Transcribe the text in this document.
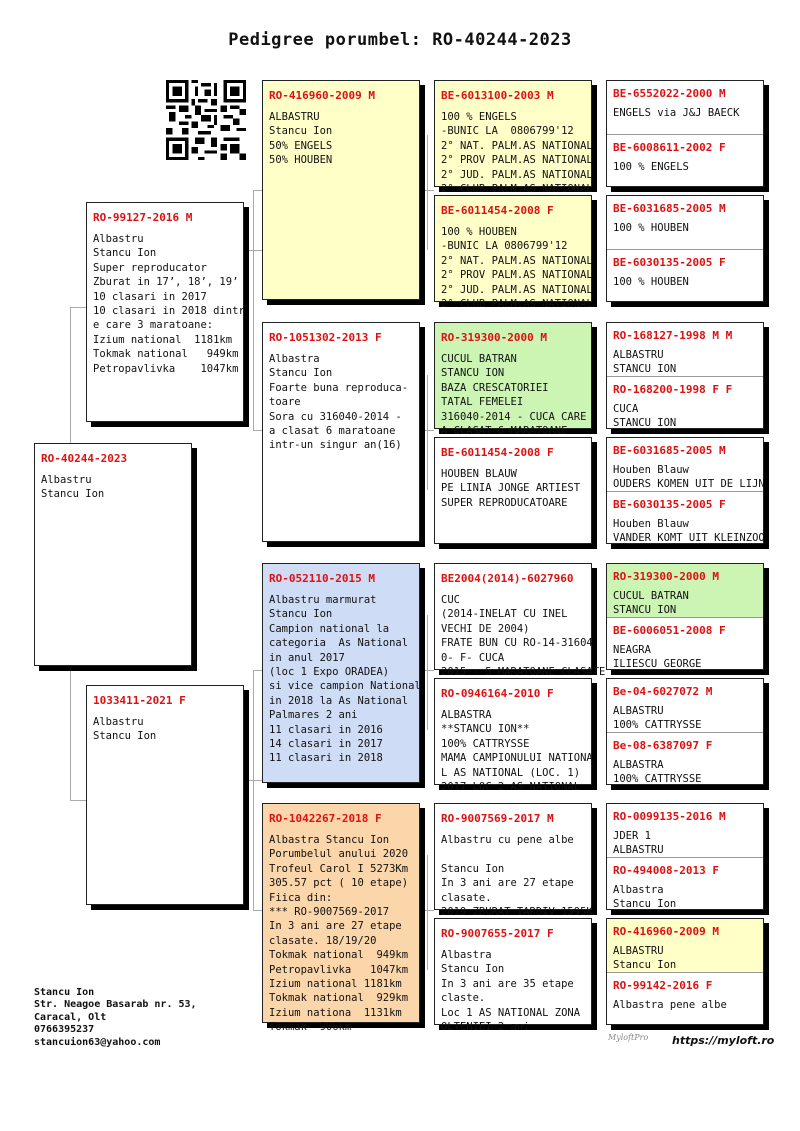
Pedigree porumbel: RO-40244-2023
RO-40244-2023
Albastru
Stancu Ion
RO-99127-2016 M
Albastru
Stancu Ion
Super reproducator
Zburat in 17’, 18’, 19’
10 clasari in 2017
10 clasari in 2018 dintr
e care 3 maratoane:
Izium national  1181km
Tokmak national   949km
Petropavlivka    1047km
1033411-2021 F
Albastru
Stancu Ion
RO-416960-2009 M
ALBASTRU
Stancu Ion
50% ENGELS
50% HOUBEN
RO-1051302-2013 F
Albastra
Stancu Ion
Foarte buna reproduca-
toare
Sora cu 316040-2014 -
a clasat 6 maratoane
intr-un singur an(16)
RO-052110-2015 M
Albastru marmurat
Stancu Ion
Campion national la
categoria  As National
in anul 2017
(loc 1 Expo ORADEA)
si vice campion National
in 2018 la As National
Palmares 2 ani
11 clasari in 2016
14 clasari in 2017
11 clasari in 2018
RO-1042267-2018 F
Albastra Stancu Ion
Porumbelul anului 2020
Trofeul Carol I 5273Km
305.57 pct ( 10 etape)
Fiica din:
*** RO-9007569-2017
In 3 ani are 27 etape
clasate. 18/19/20
Tokmak national  949km
Petropavlivka   1047km
Izium national 1181km
Tokmak national  929km
Izium nationa  1131km
Tokmak  906km
BE-6013100-2003 M
100 % ENGELS
-BUNIC LA  0806799'12
2° NAT. PALM.AS NATIONAL
2° PROV PALM.AS NATIONAL
2° JUD. PALM.AS NATIONAL
2° CLUB PALM.AS NATIONAL
BE-6011454-2008 F
100 % HOUBEN
-BUNIC LA 0806799'12
2° NAT. PALM.AS NATIONAL
2° PROV PALM.AS NATIONAL
2° JUD. PALM.AS NATIONAL
2° CLUB PALM.AS NATIONAL
RO-319300-2000 M
CUCUL BATRAN
STANCU ION
BAZA CRESCATORIEI
TATAL FEMELEI
316040-2014 - CUCA CARE
A CLASAT 6 MARATOANE
BE-6011454-2008 F
HOUBEN BLAUW
PE LINIA JONGE ARTIEST
SUPER REPRODUCATOARE
BE2004(2014)-6027960
CUC
(2014-INELAT CU INEL
VECHI DE 2004)
FRATE BUN CU RO-14-31604
0- F- CUCA
2015 - 5 MARATOANE CLASATE
RO-0946164-2010 F
ALBASTRA
**STANCU ION**
100% CATTRYSSE
MAMA CAMPIONULUI NATIONA
L AS NATIONAL (LOC. 1)
2017 LOC 2 AS NATIONAL
RO-9007569-2017 M
Albastru cu pene albe

Stancu Ion
In 3 ani are 27 etape
clasate.
2019 ZBURAT TARDIV 1595K
RO-9007655-2017 F
Albastra
Stancu Ion
In 3 ani are 35 etape
claste.
Loc 1 AS NATIONAL ZONA
OLTENIEI 2 ani
BE-6552022-2000 M
ENGELS via J&J BAECK
BE-6008611-2002 F
100 % ENGELS
BE-6031685-2005 M
100 % HOUBEN
BE-6030135-2005 F
100 % HOUBEN
RO-168127-1998 M M
ALBASTRU
STANCU ION
RO-168200-1998 F F
CUCA
STANCU ION
BE-6031685-2005 M
Houben Blauw
OUDERS KOMEN UIT DE LIJN
BE-6030135-2005 F
Houben Blauw
VANDER KOMT UIT KLEINZOO
RO-319300-2000 M
CUCUL BATRAN
STANCU ION
BE-6006051-2008 F
NEAGRA
ILIESCU GEORGE
Be-04-6027072 M
ALBASTRU
100% CATTRYSSE
Be-08-6387097 F
ALBASTRA
100% CATTRYSSE
RO-0099135-2016 M
JDER 1
ALBASTRU
RO-494008-2013 F
Albastra
Stancu Ion
RO-416960-2009 M
ALBASTRU
Stancu Ion
RO-99142-2016 F
Albastra pene albe
Stancu Ion
Str. Neagoe Basarab nr. 53,
Caracal, Olt
0766395237
stancuion63@yahoo.com	MyloftPro https://myloft.ro
